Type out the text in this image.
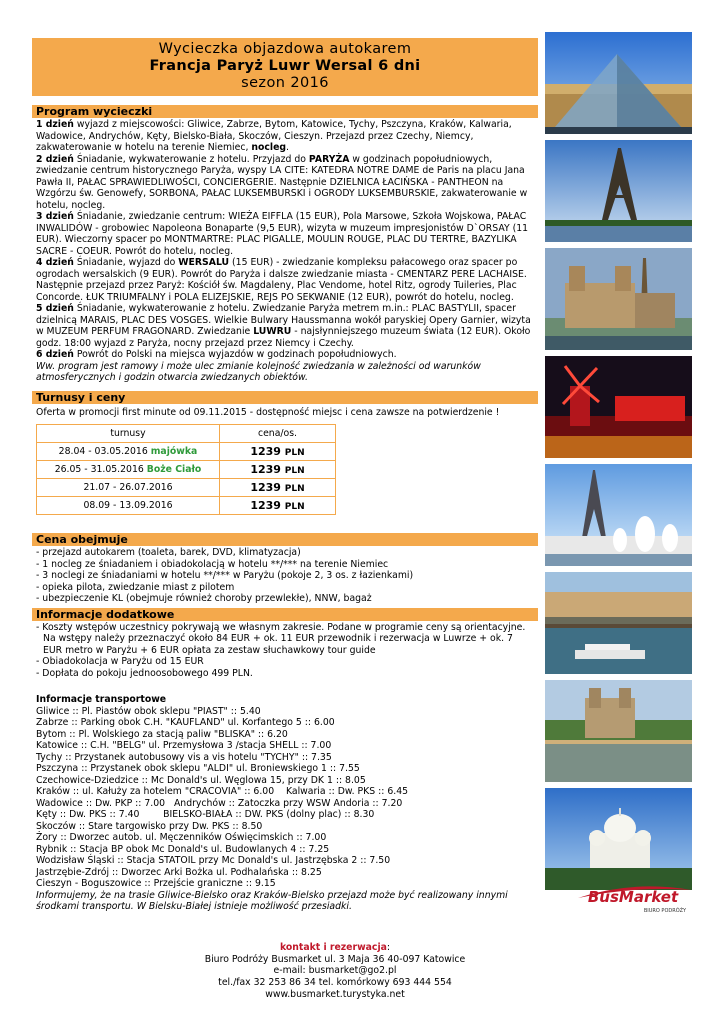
Wycieczka objazdowa autokarem
Francja Paryż Luwr Wersal 6 dni
sezon 2016
Program wycieczki

1 dzień wyjazd z miejscowości: Gliwice, Zabrze, Bytom, Katowice, Tychy, Pszczyna, Kraków, Kalwaria, Wadowice, Andrychów, Kęty, Bielsko-Biała, Skoczów, Cieszyn. Przejazd przez Czechy, Niemcy, zakwaterowanie w hotelu na terenie Niemiec, nocleg.

2 dzień Śniadanie, wykwaterowanie z hotelu. Przyjazd do PARYŻA w godzinach popołudniowych, zwiedzanie centrum historycznego Paryża, wyspy LA CITE: KATEDRA NOTRE DAME de Paris na placu Jana Pawła II, PAŁAC SPRAWIEDLIWOŚCI, CONCIERGERIE. Następnie DZIELNICA ŁACIŃSKA - PANTHEON na Wzgórzu św. Genowefy, SORBONA, PAŁAC LUKSEMBURSKI i OGRODY LUKSEMBURSKIE, zakwaterowanie w hotelu, nocleg.

3 dzień Śniadanie, zwiedzanie centrum: WIEŻA EIFFLA (15 EUR), Pola Marsowe, Szkoła Wojskowa, PAŁAC INWALIDÓW - grobowiec Napoleona Bonaparte (9,5 EUR), wizyta w muzeum impresjonistów D`ORSAY (11 EUR). Wieczorny spacer po MONTMARTRE: PLAC PIGALLE, MOULIN ROUGE, PLAC DU TERTRE, BAZYLIKA SACRE - COEUR. Powrót do hotelu, nocleg.

4 dzień Śniadanie, wyjazd do WERSALU (15 EUR) - zwiedzanie kompleksu pałacowego oraz spacer po ogrodach wersalskich (9 EUR). Powrót do Paryża i dalsze zwiedzanie miasta - CMENTARZ PERE LACHAISE. Następnie przejazd przez Paryż: Kościół św. Magdaleny, Plac Vendome, hotel Ritz, ogrody Tuileries, Plac Concorde. ŁUK TRIUMFALNY i POLA ELIZEJSKIE, REJS PO SEKWANIE (12 EUR), powrót do hotelu, nocleg.

5 dzień Śniadanie, wykwaterowanie z hotelu. Zwiedzanie Paryża metrem m.in.: PLAC BASTYLII, spacer dzielnicą MARAIS, PLAC DES VOSGES. Wielkie Bulwary Haussmanna wokół paryskiej Opery Garnier, wizyta w MUZEUM PERFUM FRAGONARD. Zwiedzanie LUWRU - najsłynniejszego muzeum świata (12 EUR). Około godz. 18:00 wyjazd z Paryża, nocny przejazd przez Niemcy i Czechy.

6 dzień Powrót do Polski na miejsca wyjazdów w godzinach popołudniowych.

Ww. program jest ramowy i może ulec zmianie kolejność zwiedzania w zależności od warunków atmosferycznych i godzin otwarcia zwiedzanych obiektów.

Turnusy i ceny
Oferta w promocji first minute od 09.11.2015 - dostępność miejsc i cena zawsze na potwierdzenie !
turnusy	cena/os.
28.04 - 03.05.2016 majówka	1239 PLN
26.05 - 31.05.2016 Boże Ciało	1239 PLN
21.07 - 26.07.2016	1239 PLN
08.09 - 13.09.2016	1239 PLN
Cena obejmuje
- przejazd autokarem (toaleta, barek, DVD, klimatyzacja)
- 1 nocleg ze śniadaniem i obiadokolacją w hotelu **/*** na terenie Niemiec
- 3 noclegi ze śniadaniami w hotelu **/*** w Paryżu (pokoje 2, 3 os. z łazienkami)
- opieka pilota, zwiedzanie miast z pilotem
- ubezpieczenie KL (obejmuje również choroby przewlekłe), NNW, bagaż
Informacje dodatkowe
- Koszty wstępów uczestnicy pokrywają we własnym zakresie. Podane w programie ceny są orientacyjne. Na wstępy należy przeznaczyć około 84 EUR + ok. 11 EUR przewodnik i rezerwacja w Luwrze + ok. 7 EUR metro w Paryżu + 6 EUR opłata za zestaw słuchawkowy tour guide
- Obiadokolacja w Paryżu od 15 EUR
- Dopłata do pokoju jednoosobowego 499 PLN.

Informacje transportowe

Gliwice :: Pl. Piastów obok sklepu "PIAST" :: 5.40

Zabrze :: Parking obok C.H. "KAUFLAND" ul. Korfantego 5 :: 6.00

Bytom :: Pl. Wolskiego za stacją paliw "BLISKA" :: 6.20

Katowice :: C.H. "BELG" ul. Przemysłowa 3 /stacja SHELL :: 7.00

Tychy :: Przystanek autobusowy vis a vis hotelu "TYCHY" :: 7.35

Pszczyna :: Przystanek obok sklepu "ALDI" ul. Broniewskiego 1 :: 7.55

Czechowice-Dziedzice :: Mc Donald's ul. Węglowa 15, przy DK 1 :: 8.05

Kraków :: ul. Kałuży za hotelem "CRACOVIA" :: 6.00    Kalwaria :: Dw. PKS :: 6.45

Wadowice :: Dw. PKP :: 7.00   Andrychów :: Zatoczka przy WSW Andoria :: 7.20

Kęty :: Dw. PKS :: 7.40        BIELSKO-BIAŁA :: DW. PKS (dolny plac) :: 8.30

Skoczów :: Stare targowisko przy Dw. PKS :: 8.50

Żory :: Dworzec autob. ul. Męczenników Oświęcimskich :: 7.00

Rybnik :: Stacja BP obok Mc Donald's ul. Budowlanych 4 :: 7.25

Wodzisław Śląski :: Stacja STATOIL przy Mc Donald's ul. Jastrzębska 2 :: 7.50

Jastrzębie-Zdrój :: Dworzec Arki Bożka ul. Podhalańska :: 8.25

Cieszyn - Boguszowice :: Przejście graniczne :: 9.15

Informujemy, że na trasie Gliwice-Bielsko oraz Kraków-Bielsko przejazd może być realizowany innymi środkami transportu. W Bielsku-Białej istnieje możliwość przesiadki.

kontakt i rezerwacja:
Biuro Podróży Busmarket ul. 3 Maja 36 40-097 Katowice
e-mail: busmarket@go2.pl
tel./fax 32 253 86 34 tel. komórkowy 693 444 554
www.busmarket.turystyka.net
BusMarket
BIURO PODRÓŻY
